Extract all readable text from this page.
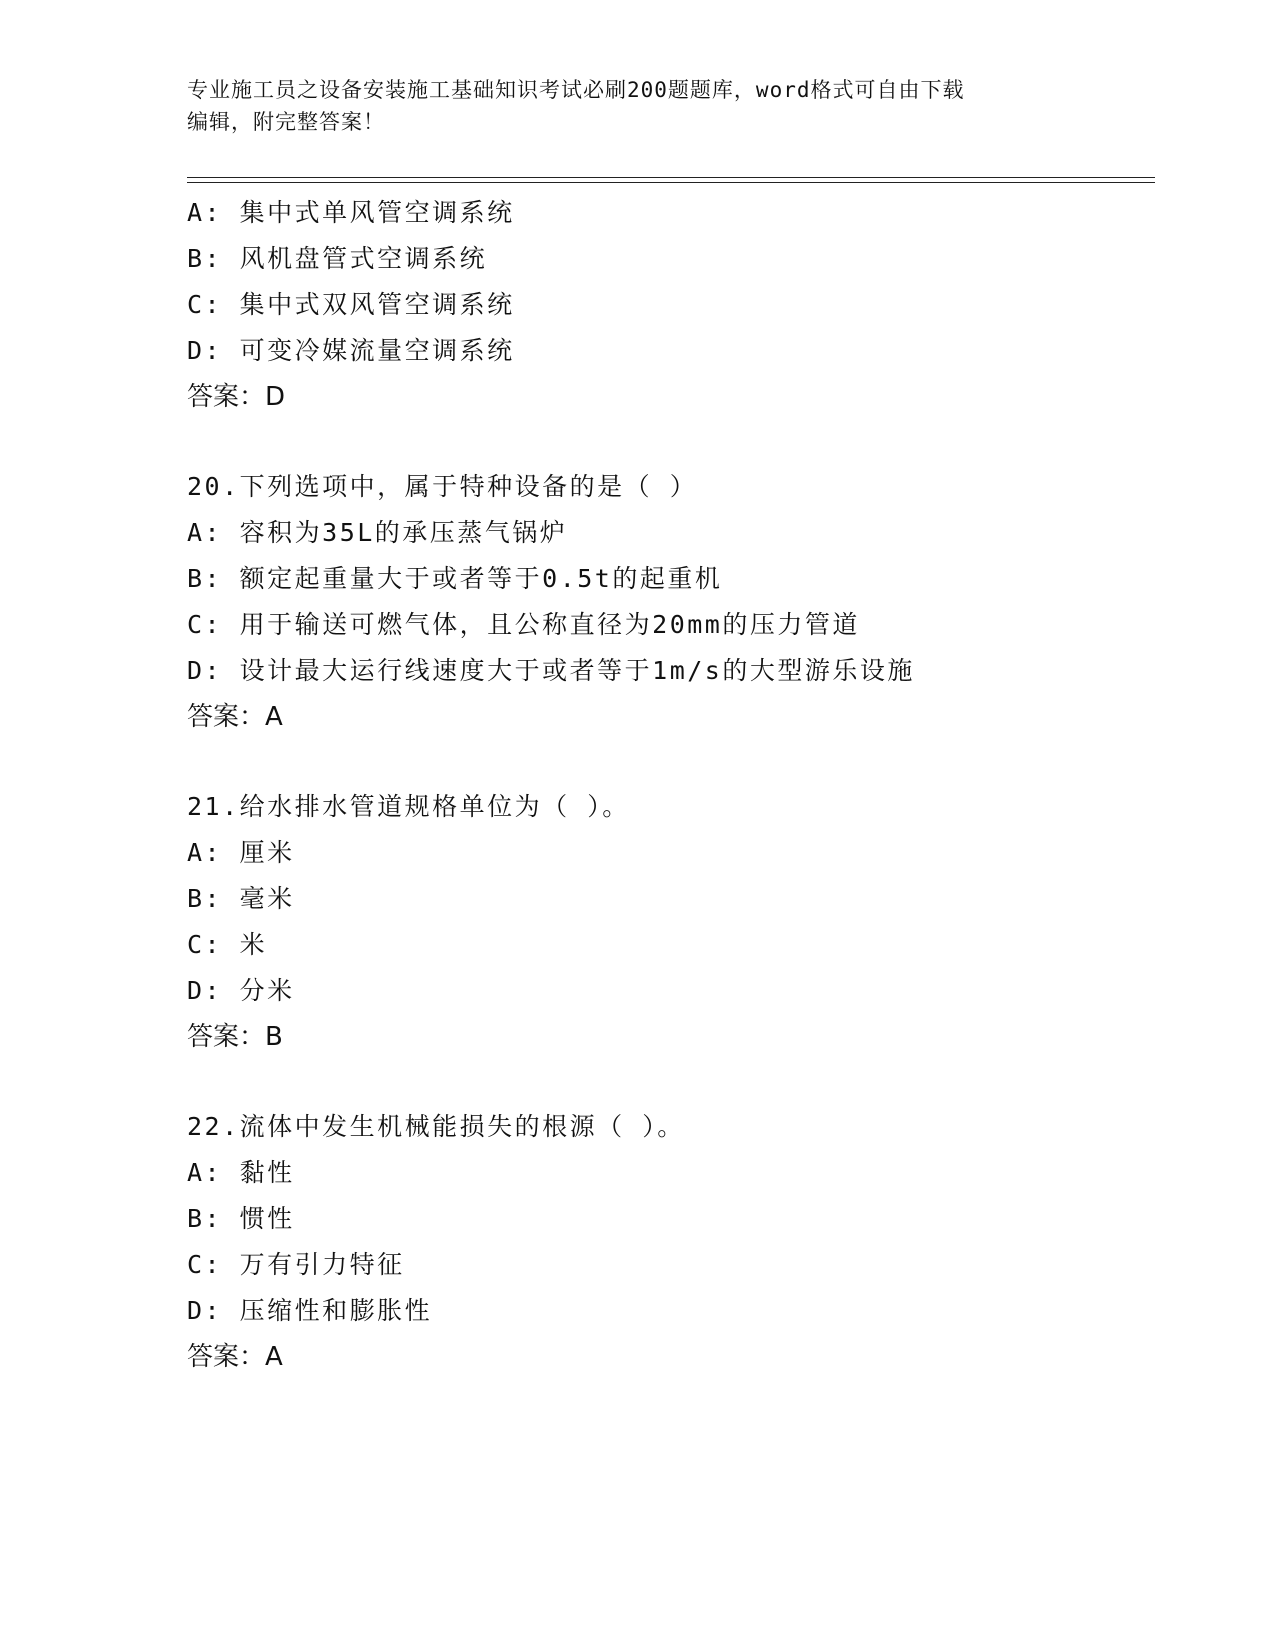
专业施工员之设备安装施工基础知识考试必刷200题题库，word格式可自由下载
编辑，附完整答案！
A: 集中式单风管空调系统
B: 风机盘管式空调系统
C: 集中式双风管空调系统
D: 可变冷媒流量空调系统
答案：D
20.下列选项中，属于特种设备的是（ ）
A: 容积为35L的承压蒸气锅炉
B: 额定起重量大于或者等于0.5t的起重机
C: 用于输送可燃气体，且公称直径为20mm的压力管道
D: 设计最大运行线速度大于或者等于1m/s的大型游乐设施
答案：A
21.给水排水管道规格单位为（ ）。
A: 厘米
B: 毫米
C: 米
D: 分米
答案：B
22.流体中发生机械能损失的根源（ ）。
A: 黏性
B: 惯性
C: 万有引力特征
D: 压缩性和膨胀性
答案：A
